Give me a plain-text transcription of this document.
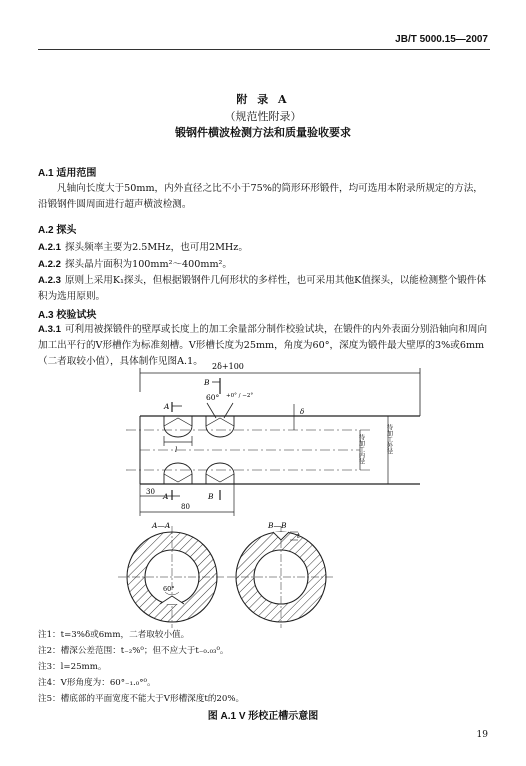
JB/T 5000.15—2007
附 录 A
（规范性附录）
锻钢件横波检测方法和质量验收要求
A.1 适用范围
凡轴向长度大于50mm，内外直径之比不小于75%的筒形环形锻件，均可选用本附录所规定的方法，沿锻钢件圆周面进行超声横波检测。
A.2 探头
A.2.1 探头频率主要为2.5MHz，也可用2MHz。
A.2.2 探头晶片面积为100mm²～400mm²。
A.2.3 原则上采用K₁探头，但根据锻钢件几何形状的多样性，也可采用其他K值探头，以能检测整个锻件体积为选用原则。
A.3 校验试块
A.3.1 可利用被探锻件的壁厚或长度上的加工余量部分制作校验试块，在锻件的内外表面分别沿轴向和周向加工出平行的V形槽作为标准刻槽。V形槽长度为25mm，角度为60°，深度为锻件最大壁厚的3%或6mm（二者取较小值），具体制作见图A.1。	2δ+100
B
60° +0° / −2°
A
A	B
l
δ
待加工内径	待加工外径
30
80
A—A
60°
B—B
t
注1：t=3%δ或6mm，二者取较小值。
注2：槽深公差范围：t₋₂%⁰；但不应大于t₋₀.₀₃⁰。
注3：l=25mm。
注4：V形角度为：60°₋₁.₀°⁰。
注5：槽底部的平面宽度不能大于V形槽深度t的20%。
图 A.1 V 形校正槽示意图
19
